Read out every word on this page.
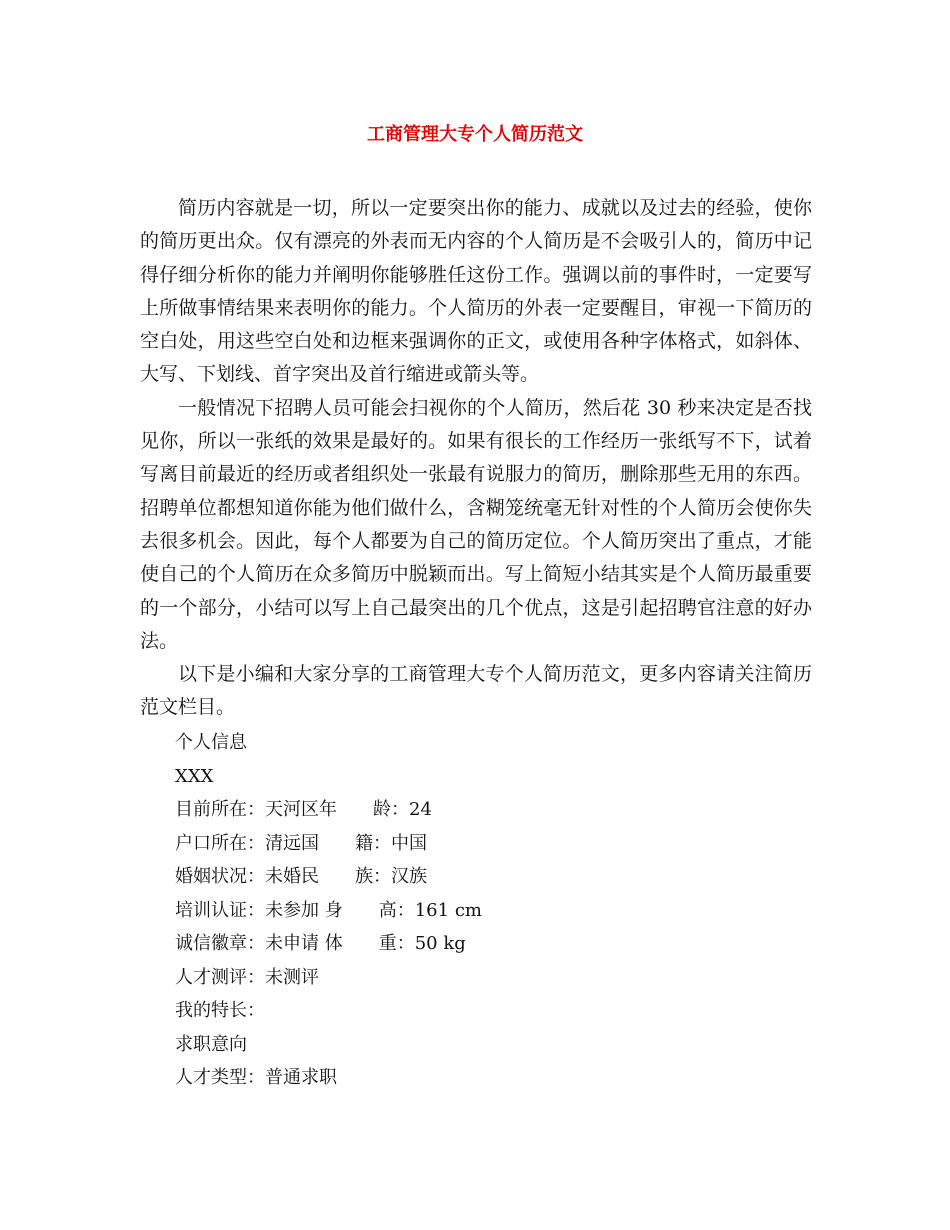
工商管理大专个人简历范文

简历内容就是一切，所以一定要突出你的能力、成就以及过去的经验，使你的简历更出众。仅有漂亮的外表而无内容的个人简历是不会吸引人的，简历中记得仔细分析你的能力并阐明你能够胜任这份工作。强调以前的事件时，一定要写上所做事情结果来表明你的能力。个人简历的外表一定要醒目，审视一下简历的空白处，用这些空白处和边框来强调你的正文，或使用各种字体格式，如斜体、大写、下划线、首字突出及首行缩进或箭头等。

一般情况下招聘人员可能会扫视你的个人简历，然后花 30 秒来决定是否找见你，所以一张纸的效果是最好的。如果有很长的工作经历一张纸写不下，试着写离目前最近的经历或者组织处一张最有说服力的简历，删除那些无用的东西。招聘单位都想知道你能为他们做什么，含糊笼统毫无针对性的个人简历会使你失去很多机会。因此，每个人都要为自己的简历定位。个人简历突出了重点，才能使自己的个人简历在众多简历中脱颖而出。写上简短小结其实是个人简历最重要的一个部分，小结可以写上自己最突出的几个优点，这是引起招聘官注意的好办法。

以下是小编和大家分享的工商管理大专个人简历范文，更多内容请关注简历范文栏目。

个人信息
XXX
目前所在：天河区年　　龄：24
户口所在：清远国　　籍：中国
婚姻状况：未婚民　　族：汉族
培训认证：未参加 身　　高：161 cm
诚信徽章：未申请 体　　重：50 kg
人才测评：未测评
我的特长：
求职意向
人才类型：普通求职
